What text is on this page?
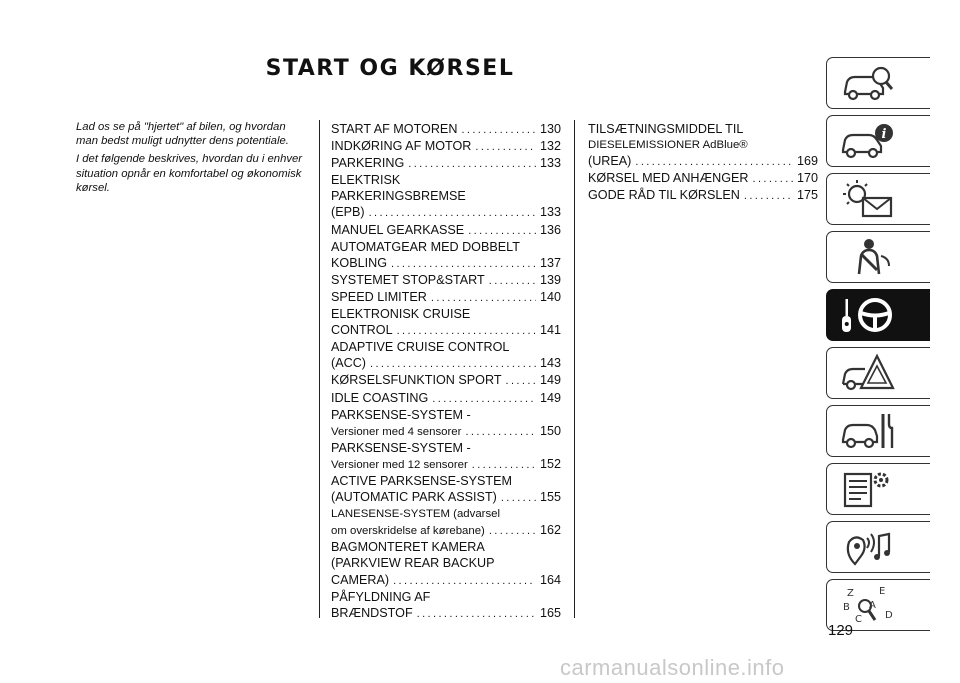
START OG KØRSEL

Lad os se på "hjertet" af bilen, og hvordan man bedst muligt udnytter dens potentiale.

I det følgende beskrives, hvordan du i enhver situation opnår en komfortabel og økonomisk kørsel.

START AF MOTOREN .....	130
INDKØRING AF MOTOR .....	132
PARKERING .....	133
ELEKTRISK
PARKERINGSBREMSE
(EPB) .....	133
MANUEL GEARKASSE .....	136
AUTOMATGEAR MED DOBBELT
KOBLING .....	137
SYSTEMET STOP&START .....	139
SPEED LIMITER .....	140
ELEKTRONISK CRUISE
CONTROL .....	141
ADAPTIVE CRUISE CONTROL
(ACC) .....	143
KØRSELSFUNKTION SPORT .....	149
IDLE COASTING .....	149
PARKSENSE-SYSTEM -
Versioner med 4 sensorer .....	150
PARKSENSE-SYSTEM -
Versioner med 12 sensorer .....	152
ACTIVE PARKSENSE-SYSTEM
(AUTOMATIC PARK ASSIST) .....	155
LANESENSE-SYSTEM (advarsel
om overskridelse af kørebane) .....	162
BAGMONTERET KAMERA
(PARKVIEW REAR BACKUP
CAMERA) .....	164
PÅFYLDNING AF
BRÆNDSTOF .....	165
TILSÆTNINGSMIDDEL TIL
DIESELEMISSIONER AdBlue®
(UREA) .....	169
KØRSEL MED ANHÆNGER .....	170
GODE RÅD TIL KØRSLEN .....	175
i
Z	E
B A
C D
129
carmanualsonline.info
